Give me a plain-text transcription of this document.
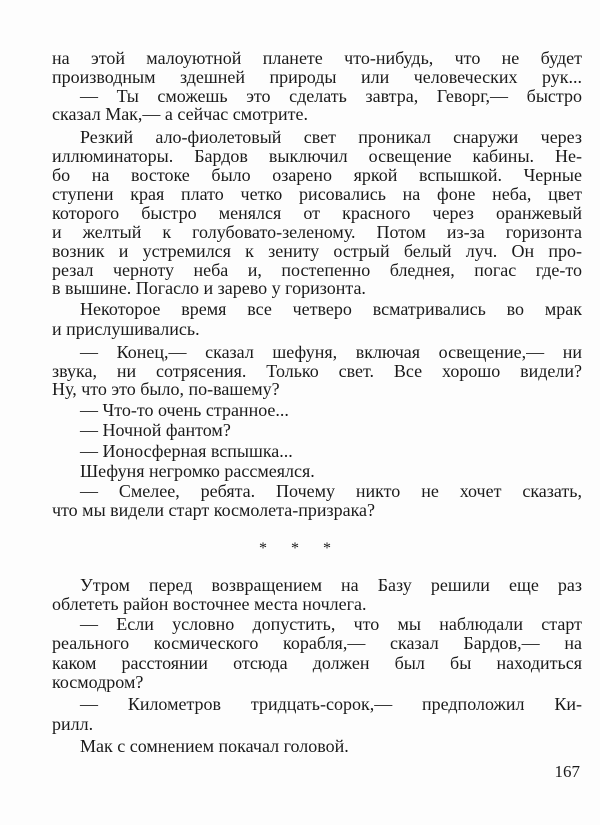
на этой малоуютной планете что-нибудь, что не будет
производным здешней природы или человеческих рук...
— Ты сможешь это сделать завтра, Геворг,— быстро
сказал Мак,— а сейчас смотрите.
Резкий ало-фиолетовый свет проникал снаружи через
иллюминаторы. Бардов выключил освещение кабины. Не-
бо на востоке было озарено яркой вспышкой. Черные
ступени края плато четко рисовались на фоне неба, цвет
которого быстро менялся от красного через оранжевый
и желтый к голубовато-зеленому. Потом из-за горизонта
возник и устремился к зениту острый белый луч. Он про-
резал черноту неба и, постепенно бледнея, погас где-то
в вышине. Погасло и зарево у горизонта.
Некоторое время все четверо всматривались во мрак
и прислушивались.
— Конец,— сказал шефуня, включая освещение,— ни
звука, ни сотрясения. Только свет. Все хорошо видели?
Ну, что это было, по-вашему?
— Что-то очень странное...
— Ночной фантом?
— Ионосферная вспышка...
Шефуня негромко рассмеялся.
— Смелее, ребята. Почему никто не хочет сказать,
что мы видели старт космолета-призрака?
* * *
Утром перед возвращением на Базу решили еще раз
облететь район восточнее места ночлега.
— Если условно допустить, что мы наблюдали старт
реального космического корабля,— сказал Бардов,— на
каком расстоянии отсюда должен был бы находиться
космодром?
— Километров тридцать-сорок,— предположил Ки-
рилл.
Мак с сомнением покачал головой.
167
